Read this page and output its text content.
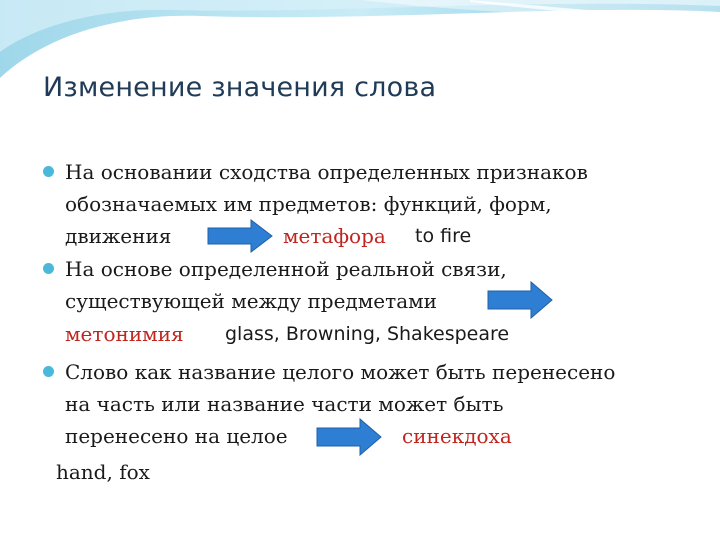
Изменение значения слова
На основании сходства определенных признаков
обозначаемых им предметов: функций, форм,
движения	метафора to fire
На основе определенной реальной связи,
существующей между предметами
метонимия glass, Browning, Shakespeare
Слово как название целого может быть перенесено
на часть или название части может быть
перенесено на целое	синекдоха
hand, fox
